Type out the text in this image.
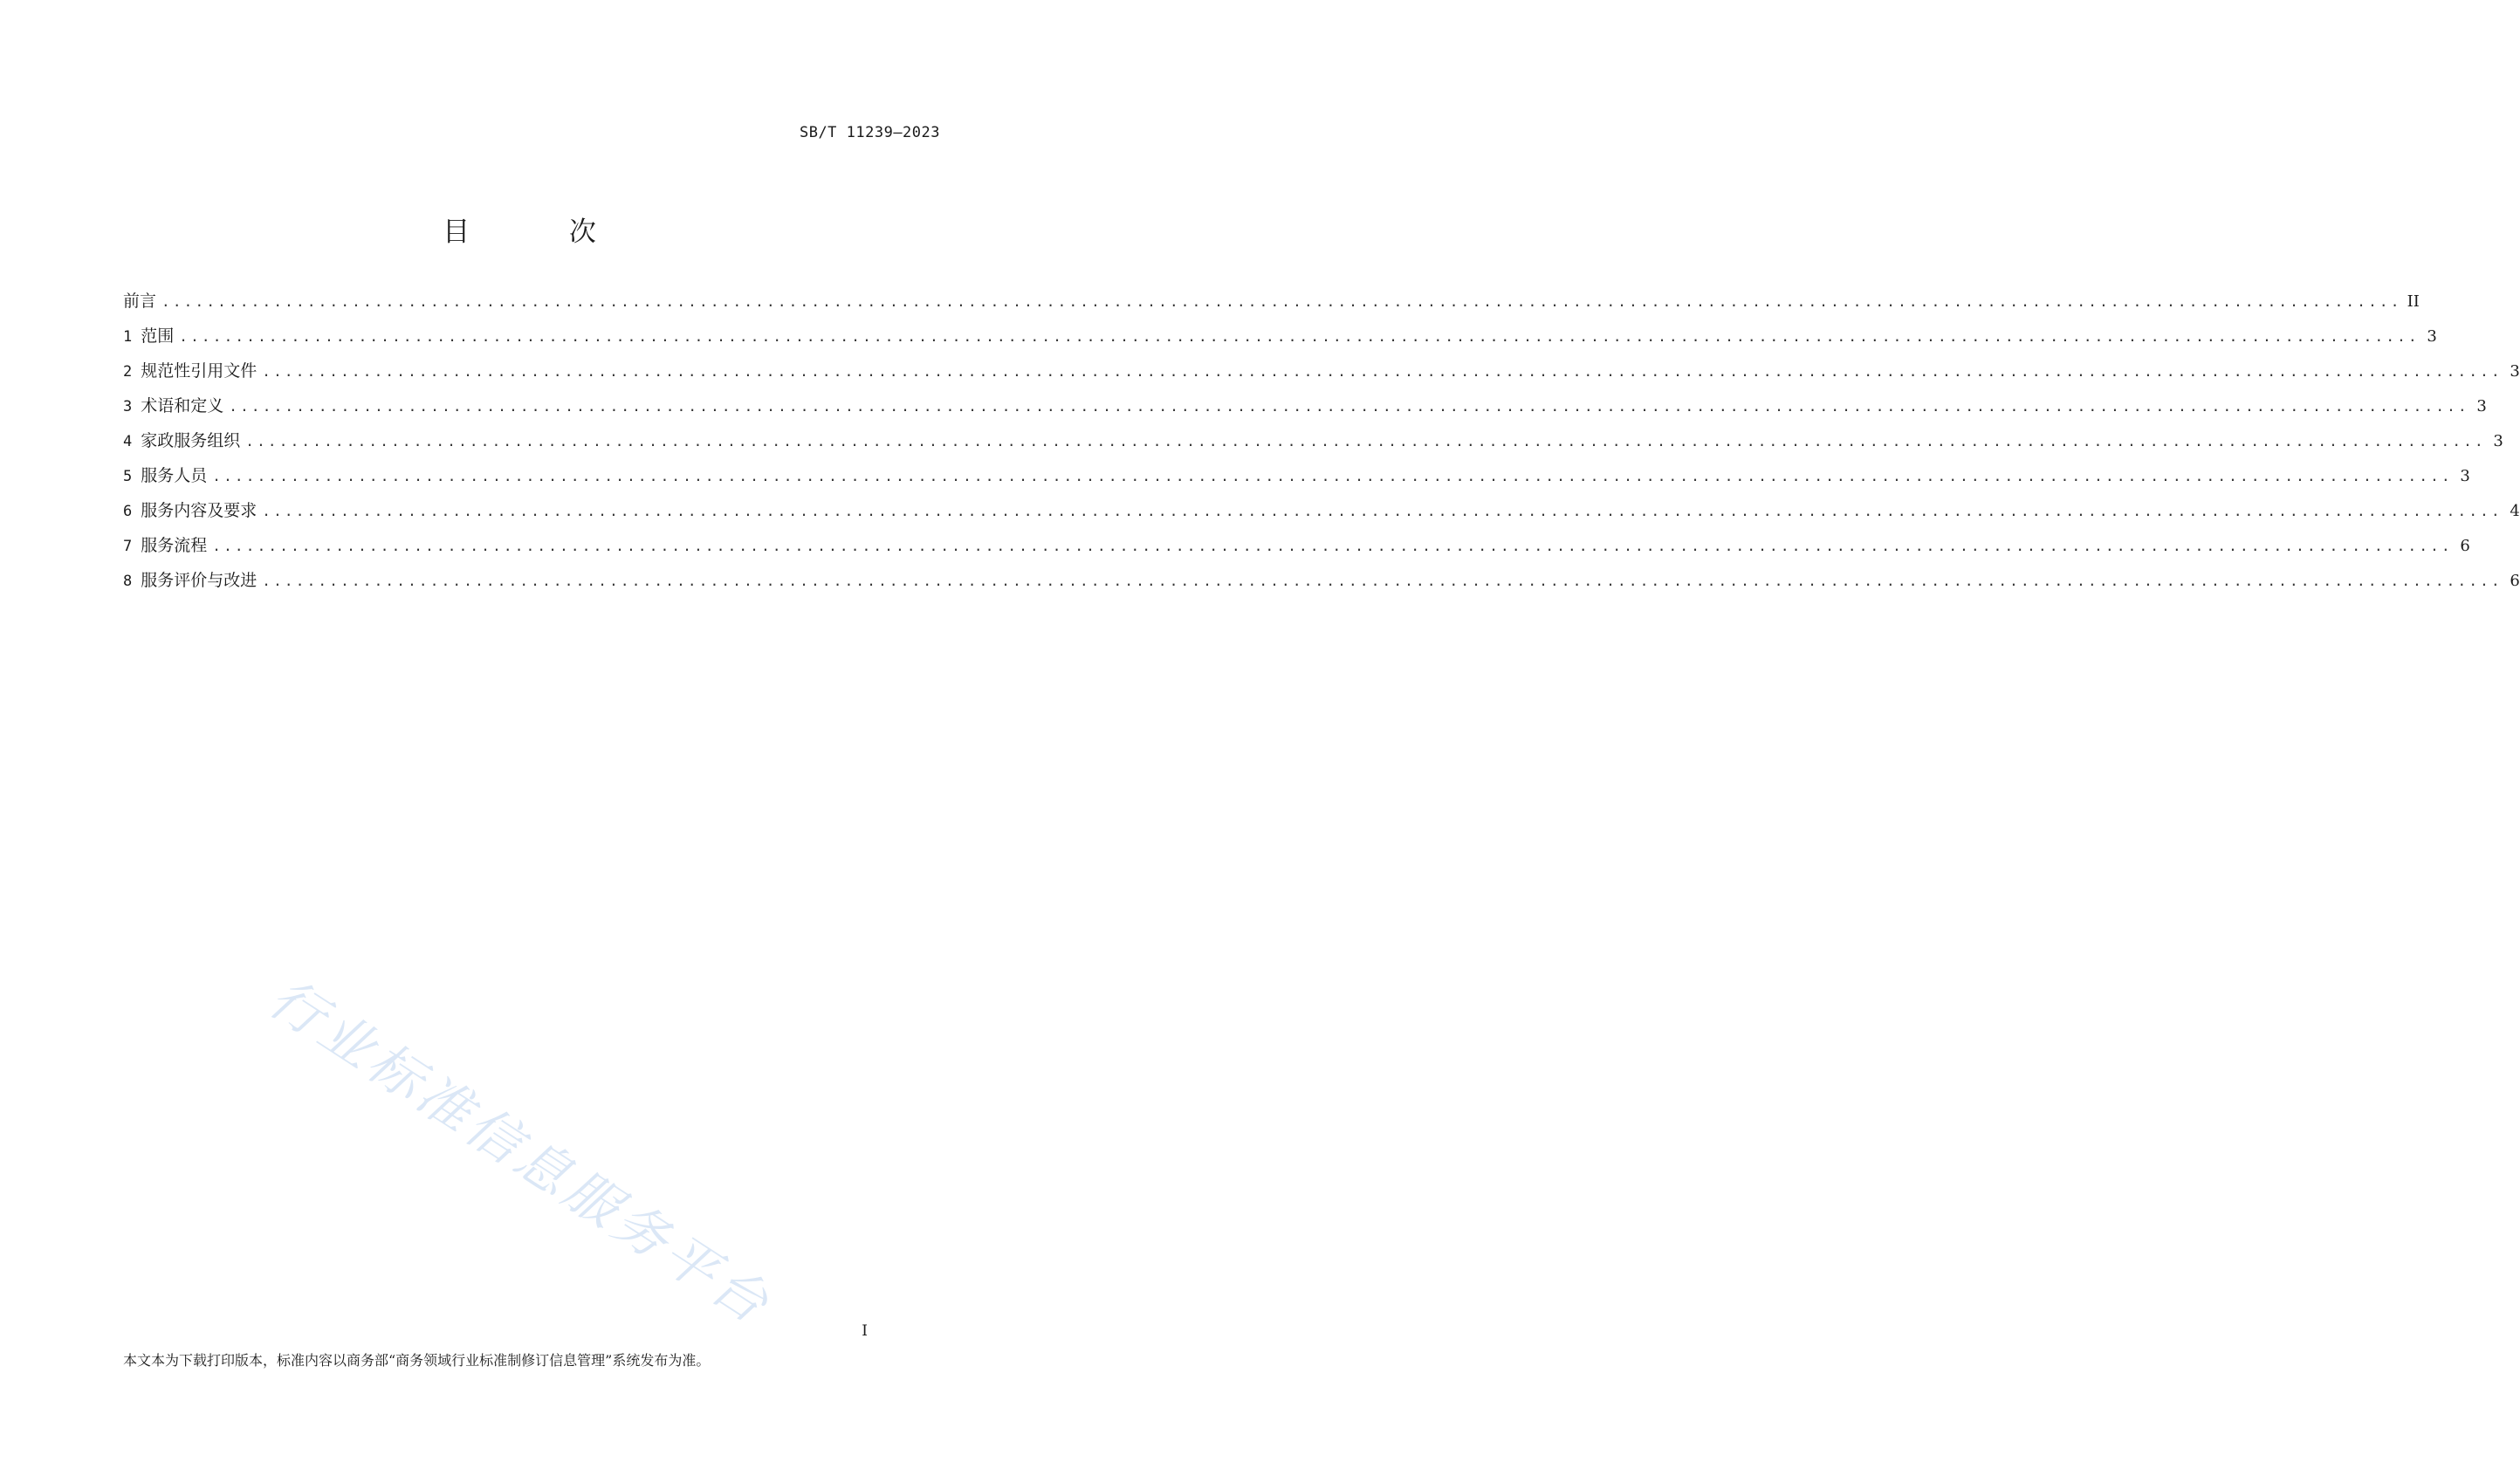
SB/T 11239—2023
目 次
前言 ........................................................................................................................................................................................................ II
1 范围 ........................................................................................................................................................................................................ 3
2 规范性引用文件 ........................................................................................................................................................................................................ 3
3 术语和定义 ........................................................................................................................................................................................................ 3
4 家政服务组织 ........................................................................................................................................................................................................ 3
5 服务人员 ........................................................................................................................................................................................................ 3
6 服务内容及要求 ........................................................................................................................................................................................................ 4
7 服务流程 ........................................................................................................................................................................................................ 6
8 服务评价与改进 ........................................................................................................................................................................................................ 6
行业标准信息服务平台	I
本文本为下载打印版本，标准内容以商务部“商务领域行业标准制修订信息管理”系统发布为准。
